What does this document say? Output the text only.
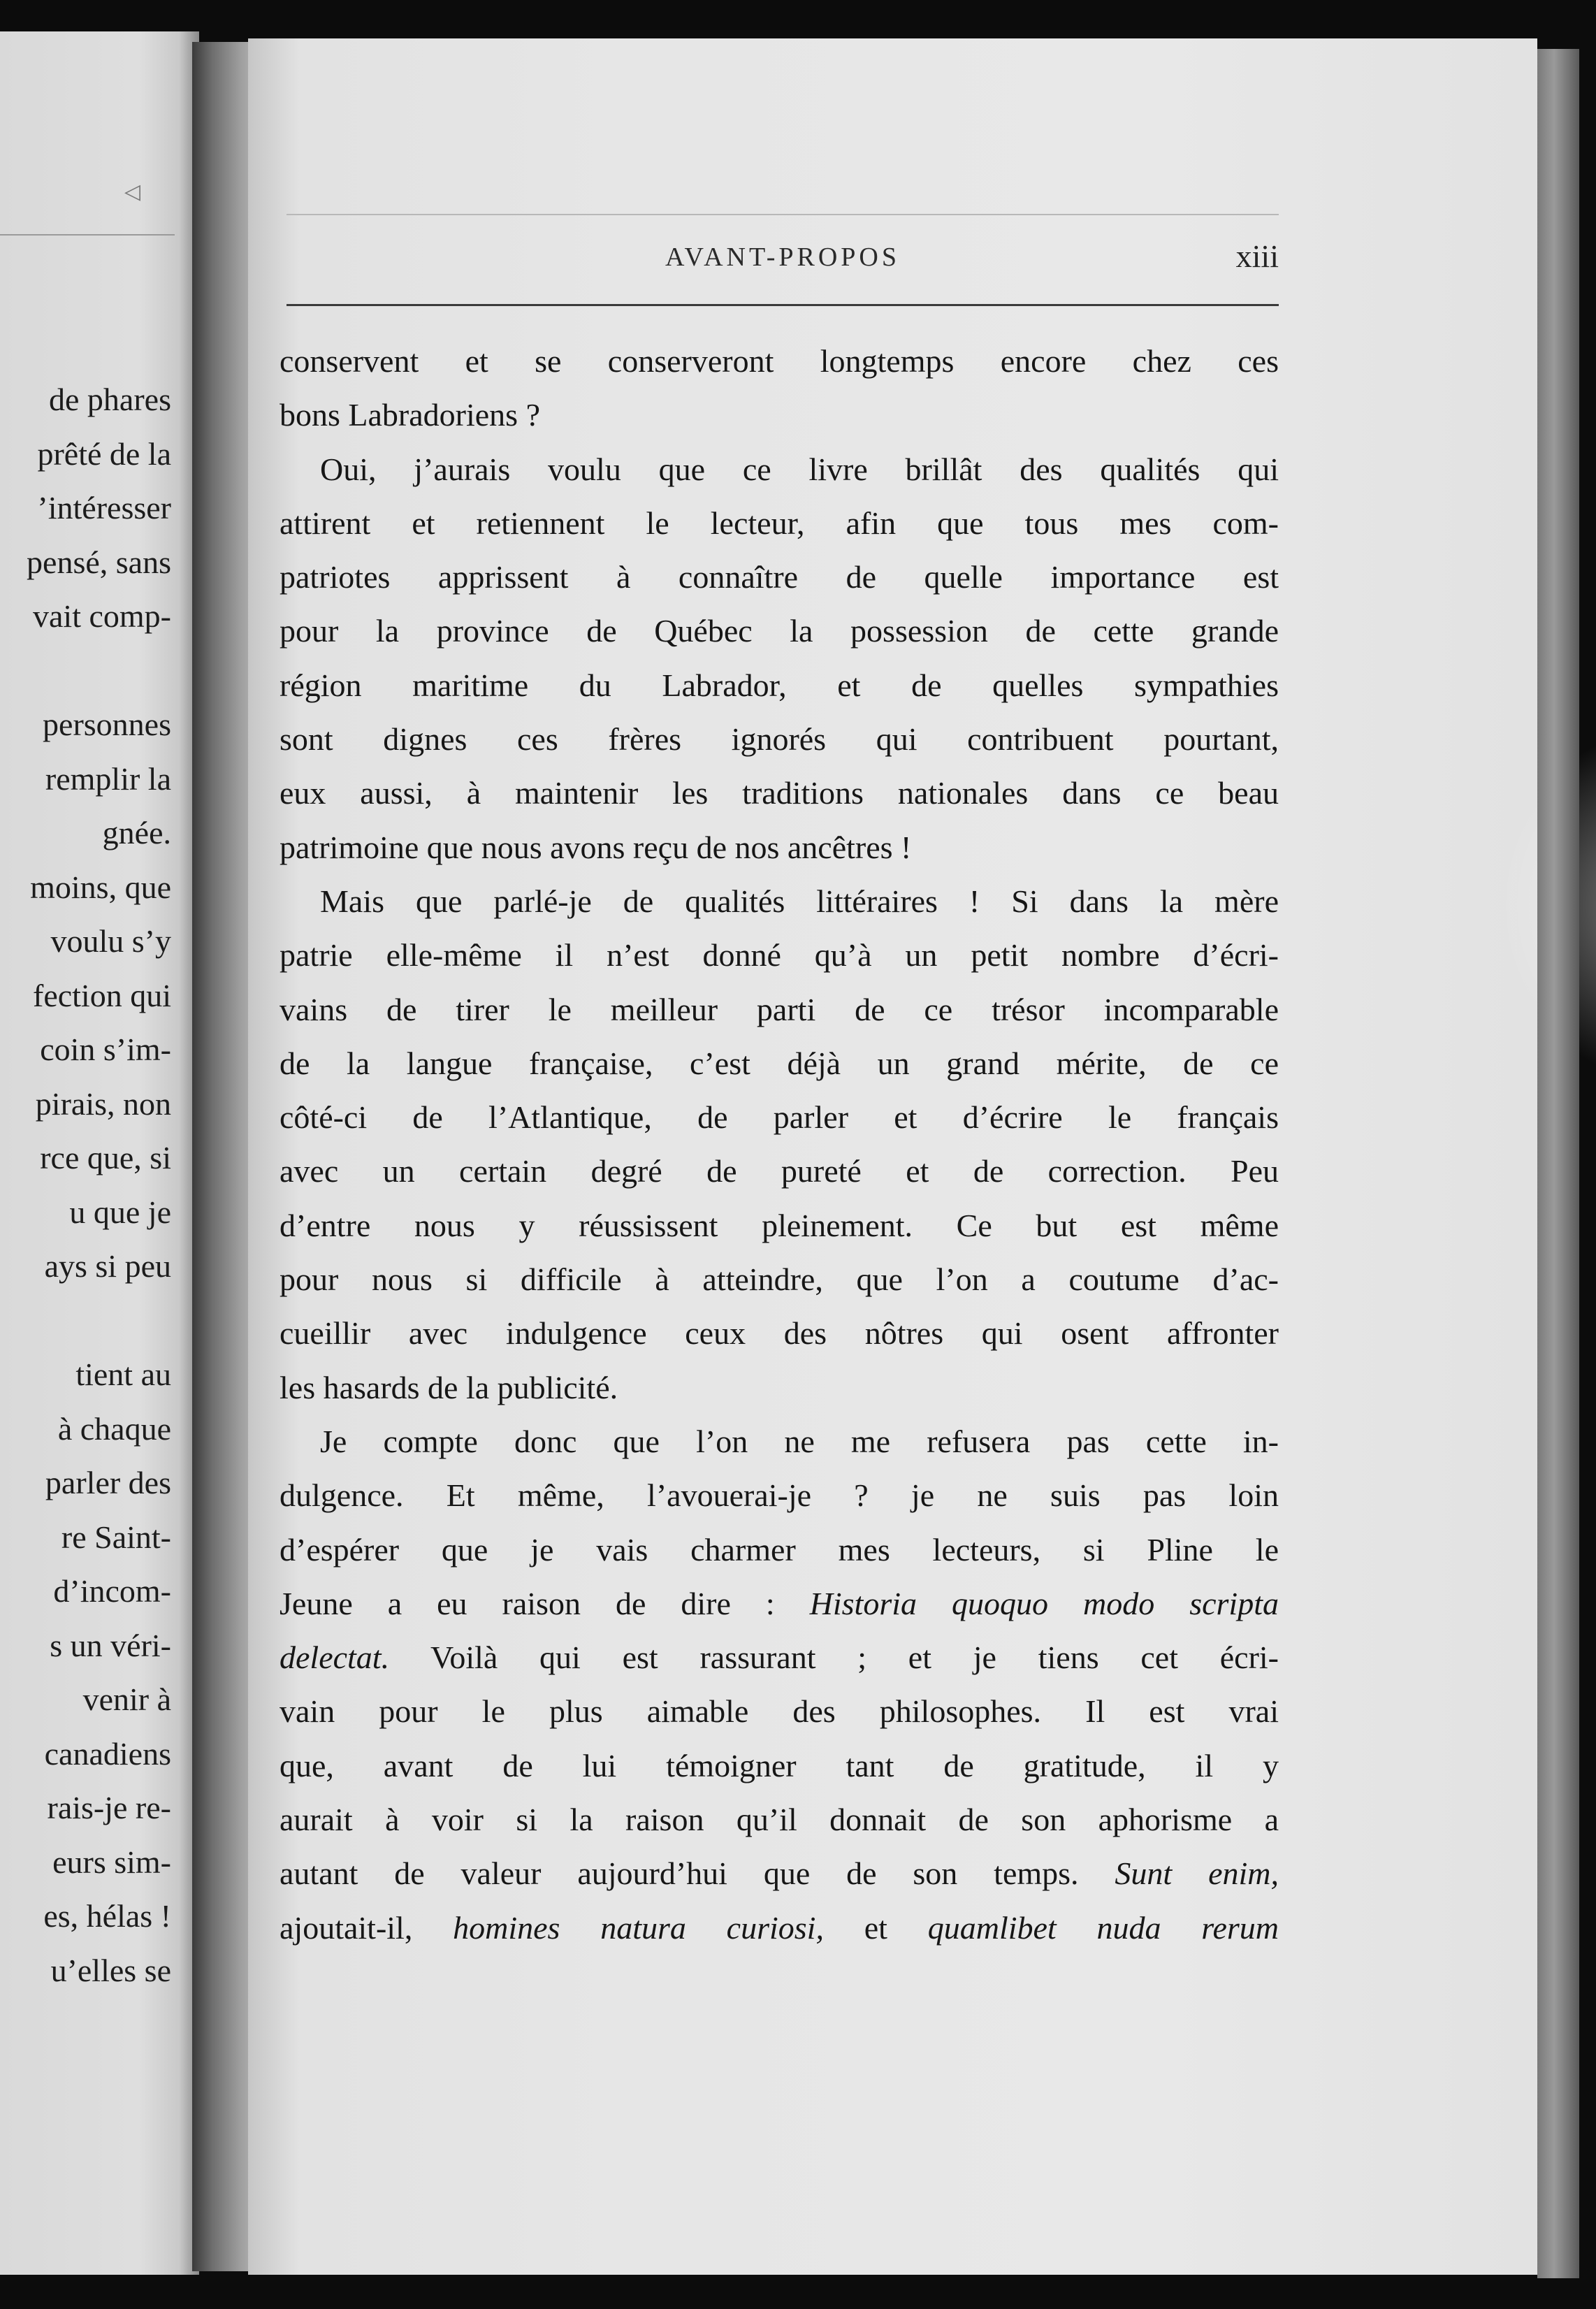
◁
de phares
prêté de la
’intéresser
pensé, sans
vait comp-
personnes
remplir la
gnée.
moins, que
voulu s’y
fection qui
coin s’im-
pirais, non
rce que, si
u que je
ays si peu
tient au
à chaque
parler des
re Saint-
d’incom-
s un véri-
venir à
canadiens
rais-je re-
eurs sim-
es, hélas !
u’elles se
AVANT-PROPOS	xiii
conservent et se conserveront longtemps encore chez ces
bons Labradoriens ?
Oui, j’aurais voulu que ce livre brillât des qualités qui
attirent et retiennent le lecteur, afin que tous mes com-
patriotes apprissent à connaître de quelle importance est
pour la province de Québec la possession de cette grande
région maritime du Labrador, et de quelles sympathies
sont dignes ces frères ignorés qui contribuent pourtant,
eux aussi, à maintenir les traditions nationales dans ce beau
patrimoine que nous avons reçu de nos ancêtres !
Mais que parlé-je de qualités littéraires ! Si dans la mère
patrie elle-même il n’est donné qu’à un petit nombre d’écri-
vains de tirer le meilleur parti de ce trésor incomparable
de la langue française, c’est déjà un grand mérite, de ce
côté-ci de l’Atlantique, de parler et d’écrire le français
avec un certain degré de pureté et de correction. Peu
d’entre nous y réussissent pleinement. Ce but est même
pour nous si difficile à atteindre, que l’on a coutume d’ac-
cueillir avec indulgence ceux des nôtres qui osent affronter
les hasards de la publicité.
Je compte donc que l’on ne me refusera pas cette in-
dulgence. Et même, l’avouerai-je ? je ne suis pas loin
d’espérer que je vais charmer mes lecteurs, si Pline le
Jeune a eu raison de dire : Historia quoquo modo scripta
delectat. Voilà qui est rassurant ; et je tiens cet écri-
vain pour le plus aimable des philosophes. Il est vrai
que, avant de lui témoigner tant de gratitude, il y
aurait à voir si la raison qu’il donnait de son aphorisme a
autant de valeur aujourd’hui que de son temps. Sunt enim,
ajoutait-il, homines natura curiosi, et quamlibet nuda rerum
